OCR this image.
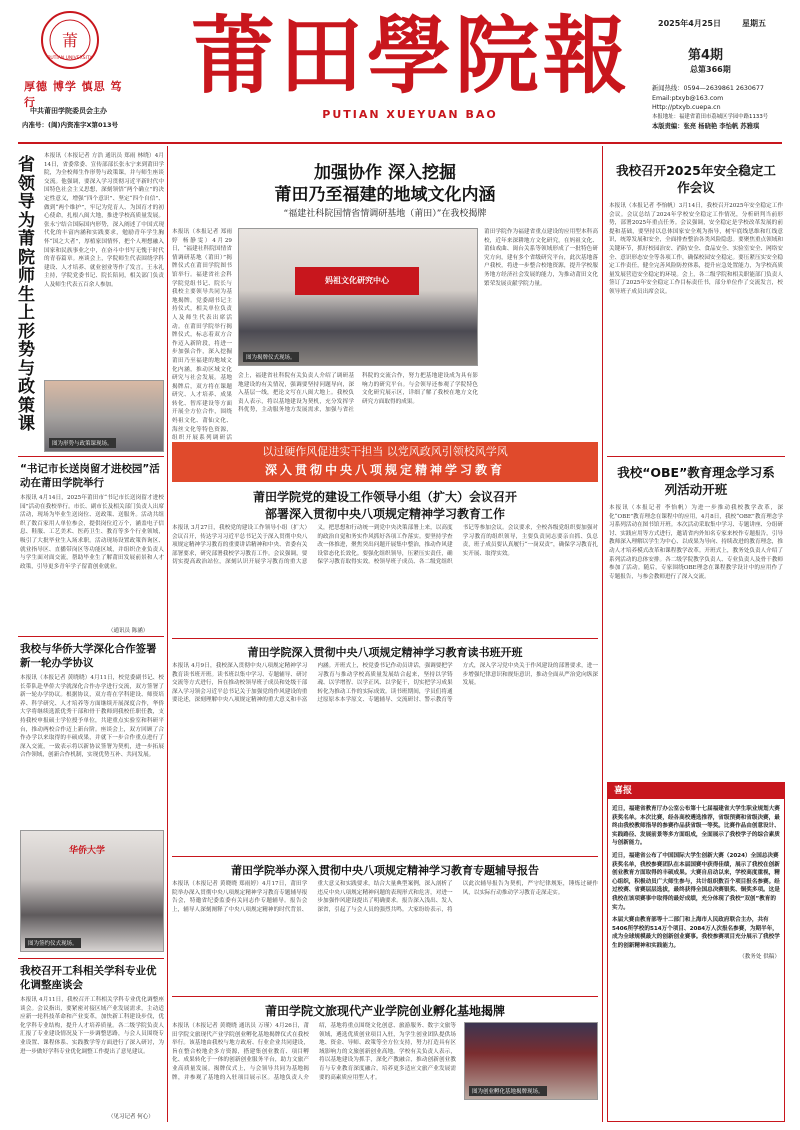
莆
PUTIAN UNIVERSITY
厚德 博学 慎思 笃行
中共莆田学院委员会主办
内准号：(闽)内资准字X第013号
莆田學院報
PUTIAN XUEYUAN BAO
2025年4月25日	星期五
第4期
总第366期
新闻热线：0594—2639861 2630677
Email:ptxyb@163.com
Http://ptxyb.cuepa.cn
本报地址：福建省莆田市荔城区学园中路1133号
本版责编：张亮 杨晓艳 李怡帆 苏雅琪
省领导为莆院师生上形势与政策课
本报讯（本报记者 方浩 通讯员 郑雨 林晓）4月14日，省委常委、宣传部部长张永宁来到莆田学院，为全校师生作形势与政策课，并与师生座谈交流。他强调，要深入学习贯彻习近平新时代中国特色社会主义思想，深刻领悟“两个确立”的决定性意义，增强“四个意识”、坚定“四个自信”、做到“两个维护”，牢记为党育人、为国育才的初心使命，扎根八闽大地，推进学校高质量发展。张永宁结合国际国内形势，深入阐述了中国式现代化的丰富内涵和实践要求，勉励青年学生胸怀“国之大者”，厚植家国情怀，把个人理想融入国家和民族事业之中，在奋斗中书写无愧于时代的青春篇章。座谈会上，学院师生代表围绕学科建设、人才培养、就业创业等作了发言。王永礼主持，学院党委书记、院长陪同，相关部门负责人及师生代表五百余人参加。
图为形势与政策课现场。
“书记市长送岗留才进校园”活动在莆田学院举行
本报讯 4月14日，2025年莆田市“书记市长送岗留才进校园”活动在我校举行。市长、副市长及相关部门负责人出席活动，现场为毕业生送岗位、送政策、送服务。活动共组织了数百家用人单位参会，提供岗位近万个，涵盖电子信息、鞋服、工艺美术、医药卫生、教育等多个行业领域，吸引了大批毕业生入场求职。活动现场设置政策咨询区、就业指导区、直播带岗区等功能区域，并组织企业负责人与学生面对面交流，帮助毕业生了解莆田发展前景和人才政策，引导更多青年学子留莆创业就业。
（通讯员 陈涵）
我校与华侨大学深化合作签署新一轮办学协议
本报讯（本报记者 黄晓晓）4月11日，校党委副书记、校长带队赴华侨大学就深化合作办学进行交流，双方签署了新一轮办学协议。根据协议，双方将在学科建设、师资培养、科学研究、人才培养等方面继续开展深度合作，华侨大学将继续选派优秀干部和骨干教师到我校任职任教，支持我校申报硕士学位授予单位，共建重点实验室和科研平台，推动两校合作迈上新台阶。座谈会上，双方回顾了合作办学以来取得的丰硕成果，并就下一步合作重点进行了深入交流，一致表示将以新协议签署为契机，进一步拓展合作领域，创新合作机制，实现优势互补、共同发展。
华侨大学
图为签约仪式现场。
我校召开工科相关学科专业优化调整座谈会
本报讯 4月11日，我校召开工科相关学科专业优化调整座谈会。会议指出，要紧密对接区域产业发展需求，主动适应新一轮科技革命和产业变革，加快新工科建设步伐，优化学科专业结构，提升人才培养质量。各二级学院负责人汇报了专业建设情况及下一步调整思路，与会人员围绕专业设置、课程体系、实践教学等方面进行了深入研讨，为进一步做好学科专业优化调整工作提出了意见建议。
（见习记者 何心）
加强协作 深入挖掘
莆田乃至福建的地域文化内涵
“福建社科院国情省情调研基地（莆田）”在我校揭牌
本报讯（本报记者 郑雨婷 杨静雯）4月29日，“福建社科院国情省情调研基地（莆田）”揭牌仪式在莆田学院图书馆举行。福建省社会科学院党组书记、院长与我校主要领导共同为基地揭牌。党委副书记主持仪式，相关单位负责人及师生代表出席活动。在莆田学院举行揭牌仪式，标志着双方合作迈入新阶段，将进一步加强合作，深入挖掘莆田乃至福建的地域文化内涵，推动区域文化研究与社会发展。基地揭牌后，双方将在课题研究、人才培养、成果转化、智库建设等方面开展全方位合作，围绕妈祖文化、莆仙文化、海丝文化等特色资源，组织开展系列调研活
妈祖文化研究中心
图为揭牌仪式现场。
会上，福建省社科院有关负责人介绍了调研基地建设的有关情况，强调要坚持问题导向，深入基层一线，把论文写在八闽大地上。我校负责人表示，将以基地建设为契机，充分发挥学科优势，主动服务地方发展需求，加强与省社科院的交流合作，努力把基地建设成为具有影响力的研究平台。与会领导还参观了学院特色文化研究展示区，详细了解了我校在地方文化研究方面取得的成果。
莆田学院作为福建省重点建设的应用型本科高校，近年来深耕地方文化研究，在妈祖文化、莆仙戏曲、闽台关系等领域形成了一批特色研究方向，建有多个省级研究平台，此次基地落户我校，将进一步整合校地资源，提升学校服务地方经济社会发展的能力，为推动莆田文化繁荣发展贡献学院力量。
以过硬作风促进实干担当 以党风政风引领校风学风
深入贯彻中央八项规定精神学习教育
莆田学院党的建设工作领导小组（扩大）会议召开
部署深入贯彻中央八项规定精神学习教育工作
本报讯 3月27日，我校党的建设工作领导小组（扩大）会议召开，传达学习习近平总书记关于深入贯彻中央八项规定精神学习教育的重要讲话精神和中央、省委有关部署要求，研究部署我校学习教育工作。会议强调，要切实提高政治站位，深刻认识开展学习教育的重大意义，把思想和行动统一到党中央决策部署上来，以高度的政治自觉和务实作风抓好各项工作落实。要坚持学查改一体推进，聚焦突出问题开展集中整治，推动作风建设常态化长效化。要强化组织领导，压紧压实责任，确保学习教育取得实效。校领导班子成员、各二级党组织书记等参加会议。会议要求，全校各级党组织要加强对学习教育的组织领导，主要负责同志要亲自抓、负总责，班子成员要认真履行“一岗双责”，确保学习教育扎实开展、取得实效。
莆田学院深入贯彻中央八项规定精神学习教育读书班开班
本报讯 4月9日，我校深入贯彻中央八项规定精神学习教育读书班开班。读书班以集中学习、专题辅导、研讨交流等方式进行，旨在推动校领导班子成员和处级干部深入学习领会习近平总书记关于加强党的作风建设的重要论述，深刻理解中央八项规定精神的重大意义和丰富内涵。开班式上，校党委书记作动员讲话，强调要把学习教育与推动学校高质量发展结合起来，坚持以学铸魂、以学增智、以学正风、以学促干，切实把学习成果转化为推动工作的实际成效。读书班期间，学员们将通过原原本本学原文、专题辅导、交流研讨、警示教育等方式，深入学习党中央关于作风建设的部署要求，进一步增强纪律意识和规矩意识，推动全面从严治党向纵深发展。
莆田学院举办深入贯彻中央八项规定精神学习教育专题辅导报告
本报讯（本报记者 黄晓晓 郑雨婷）4月17日，莆田学院举办深入贯彻中央八项规定精神学习教育专题辅导报告会，特邀省纪委监委有关同志作专题辅导。报告会上，辅导人深刻阐释了中央八项规定精神的时代背景、重大意义和实践要求，结合大量典型案例，深入剖析了违反中央八项规定精神问题的表现形式和危害，对进一步加强作风建设提出了明确要求。报告深入浅出、发人深省，引起了与会人员的强烈共鸣。大家纷纷表示，将以此次辅导报告为契机，严守纪律规矩，锤炼过硬作风，以实际行动推动学习教育走深走实。
莆田学院文旅现代产业学院创业孵化基地揭牌
本报讯（本报记者 黄晓晓 通讯员 万瑾）4月26日，莆田学院文旅现代产业学院创业孵化基地揭牌仪式在我校举行。该基地由我校与地方政府、行业企业共同建设，旨在整合校地企多方资源，搭建集创业教育、项目孵化、成果转化于一体的创新创业服务平台，助力文旅产业高质量发展。揭牌仪式上，与会领导共同为基地揭牌，并参观了基地的入驻项目展示区。基地负责人介绍，基地将重点围绕文化创意、旅游服务、数字文旅等领域，遴选优质创业项目入驻，为学生创业团队提供场地、资金、导师、政策等全方位支持，努力打造具有区域影响力的文旅创新创业高地。学校有关负责人表示，将以基地建设为抓手，深化产教融合，推动创新创业教育与专业教育深度融合，培养更多适应文旅产业发展需要的高素质应用型人才。
图为创业孵化基地揭牌现场。
我校召开2025年安全稳定工作会议
本报讯（本报记者 李怡帆）3月14日，我校召开2025年安全稳定工作会议。会议总结了2024年学校安全稳定工作情况，分析研判当前形势，部署2025年重点任务。会议强调，安全稳定是学校改革发展的前提和基础，要坚持以总体国家安全观为指导，树牢底线思维和红线意识，统筹发展和安全，全面排查整治各类风险隐患。要聚焦重点领域和关键环节，抓好校园治安、消防安全、食品安全、实验室安全、网络安全、意识形态安全等各项工作，确保校园安全稳定。要压紧压实安全稳定工作责任，健全完善风险防控体系，提升应急处置能力，为学校高质量发展营造安全稳定的环境。会上，各二级学院和相关职能部门负责人签订了2025年安全稳定工作目标责任书，部分单位作了交流发言，校领导班子成员出席会议。
我校“OBE”教育理念学习系列活动开班
本报讯（本报记者 李怡帆）为进一步推动我校教学改革，深化“OBE”教育理念在课程中的应用，4月8日，我校“OBE”教育理念学习系列活动在图书馆开班。本次活动采取集中学习、专题讲座、分组研讨、实践应用等方式进行，邀请省内外知名专家来校作专题报告，引导教师深入理解以学生为中心、以成果为导向、持续改进的教育理念，推动人才培养模式改革和课程教学改革。开班式上，教务处负责人介绍了系列活动的总体安排。各二级学院教学负责人、专业负责人及骨干教师参加了活动。随后，专家围绕OBE理念在课程教学设计中的应用作了专题报告，与参会教师进行了深入交流。
喜报
近日，福建省教育厅办公室公布第十七届福建省大学生职业规划大赛获奖名单。本次比赛，经各高校遴选推荐，省级预赛和省级决赛，最终由我校教师指导的参赛作品获省级一等奖。比赛作品由创意设计、实践路径、发展前景等多方面组成，全面展示了我校学子的综合素质与创新能力。
近日，福建省公布了中国国际大学生创新大赛（2024）全国总决赛获奖名单，我校参赛团队在本届国赛中获得佳绩，展示了我校在创新创业教育方面取得的丰硕成果。大赛自启动以来，学校高度重视，精心组织，积极动员广大师生参与，共计组织数百个项目报名参赛。经过校赛、省赛层层选拔，最终获得全国总决赛银奖、铜奖多项。这是我校在该项赛事中取得的最好成绩，充分体现了我校“双创”教育的实力。
本届大赛由教育部等十二部门和上海市人民政府联合主办，共有5406所学校的514万个项目、2084万人次报名参赛，为期半年，成为全球规模最大的创新创业赛事。我校参赛项目充分展示了我校学生的创新精神和实践能力。
（教务处 供稿）
